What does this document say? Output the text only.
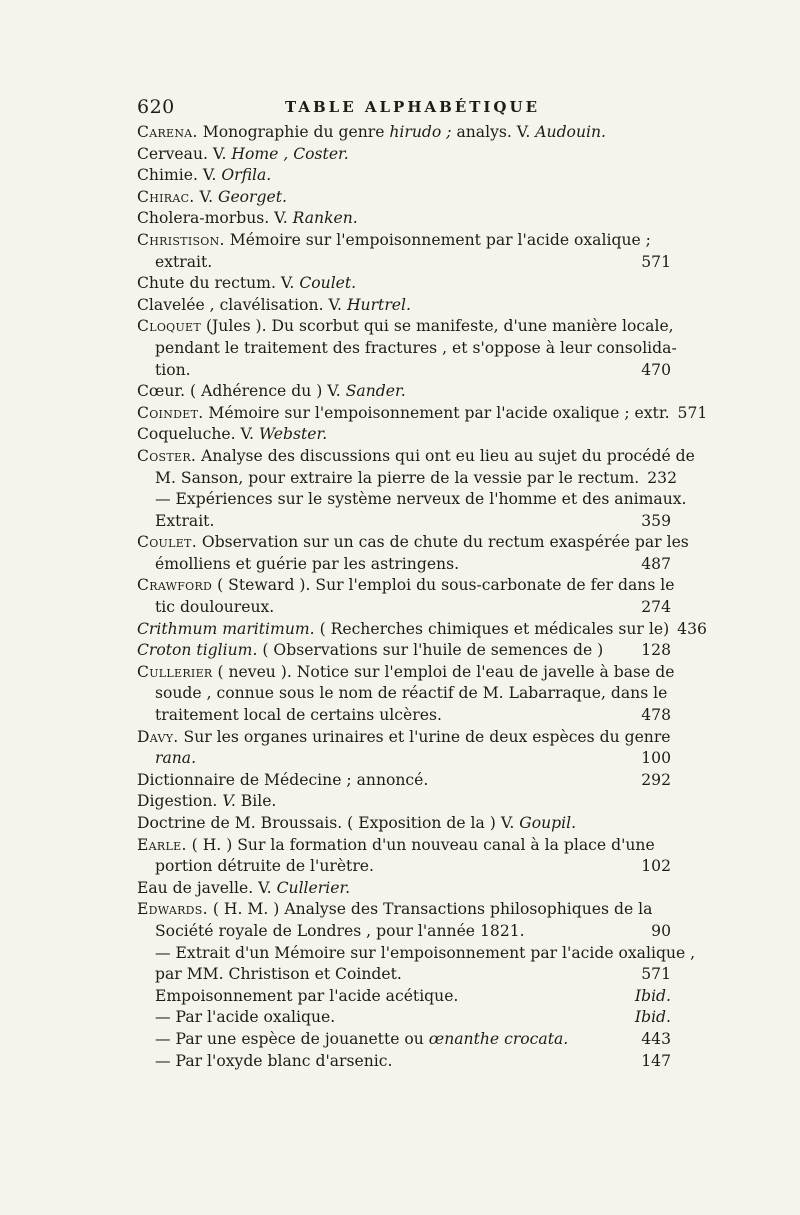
620	TABLE ALPHABÉTIQUE
Carena. Monographie du genre hirudo ; analys. V. Audouin.
Cerveau. V. Home , Coster.
Chimie. V. Orfila.
Chirac. V. Georget.
Cholera-morbus. V. Ranken.
Christison. Mémoire sur l'empoisonnement par l'acide oxalique ;
extrait.	571
Chute du rectum. V. Coulet.
Clavelée , clavélisation. V. Hurtrel.
Cloquet (Jules ). Du scorbut qui se manifeste, d'une manière locale,
pendant le traitement des fractures , et s'oppose à leur consolida-
tion.	470
Cœur. ( Adhérence du ) V. Sander.
Coindet. Mémoire sur l'empoisonnement par l'acide oxalique ; extr. 571
Coqueluche. V. Webster.
Coster. Analyse des discussions qui ont eu lieu au sujet du procédé de
M. Sanson, pour extraire la pierre de la vessie par le rectum. 232
— Expériences sur le système nerveux de l'homme et des animaux.
Extrait.	359
Coulet. Observation sur un cas de chute du rectum exaspérée par les
émolliens et guérie par les astringens.	487
Crawford ( Steward ). Sur l'emploi du sous-carbonate de fer dans le
tic douloureux.	274
Crithmum maritimum. ( Recherches chimiques et médicales sur le) 436
Croton tiglium. ( Observations sur l'huile de semences de )	128
Cullerier ( neveu ). Notice sur l'emploi de l'eau de javelle à base de
soude , connue sous le nom de réactif de M. Labarraque, dans le
traitement local de certains ulcères.	478
Davy. Sur les organes urinaires et l'urine de deux espèces du genre
rana.	100
Dictionnaire de Médecine ; annoncé.	292
Digestion. V. Bile.
Doctrine de M. Broussais. ( Exposition de la ) V. Goupil.
Earle. ( H. ) Sur la formation d'un nouveau canal à la place d'une
portion détruite de l'urètre.	102
Eau de javelle. V. Cullerier.
Edwards. ( H. M. ) Analyse des Transactions philosophiques de la
Société royale de Londres , pour l'année 1821.	90
— Extrait d'un Mémoire sur l'empoisonnement par l'acide oxalique ,
par MM. Christison et Coindet.	571
Empoisonnement par l'acide acétique.	Ibid.
— Par l'acide oxalique.	Ibid.
— Par une espèce de jouanette ou œnanthe crocata.	443
— Par l'oxyde blanc d'arsenic.	147
